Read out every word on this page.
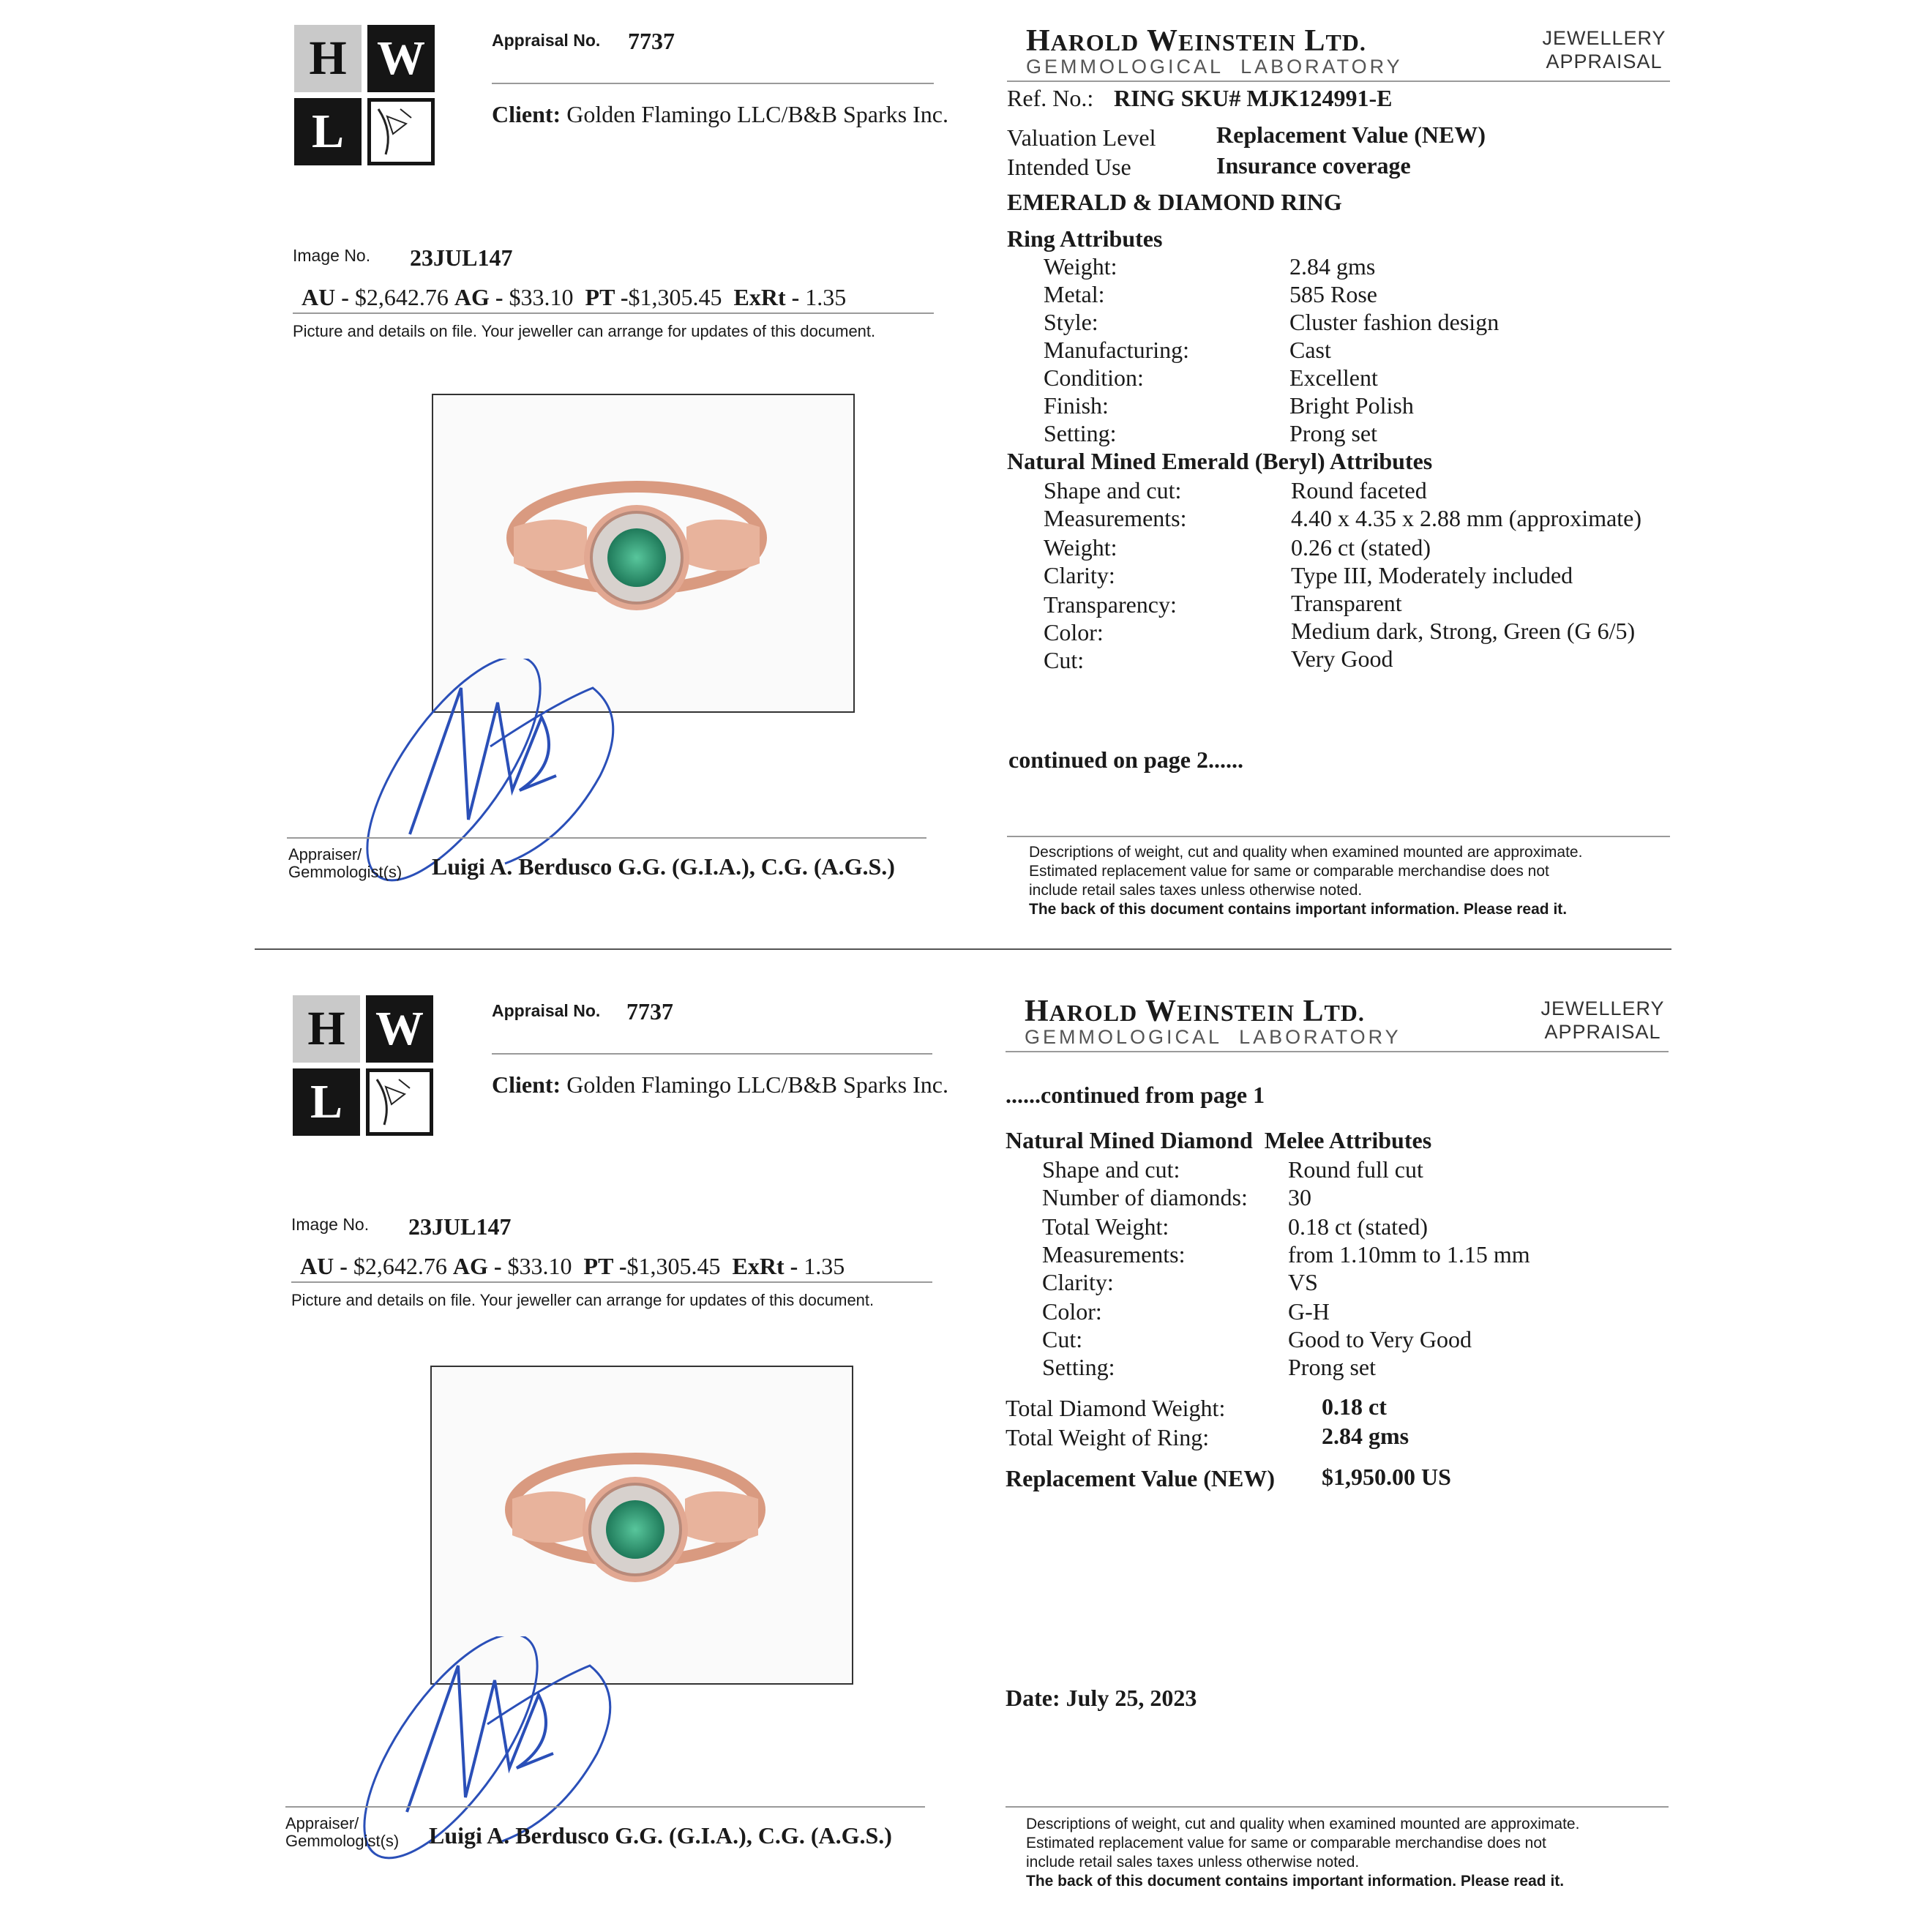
H W
L
Appraisal No. 7737
Client: Golden Flamingo LLC/B&B Sparks Inc.
Image No. 23JUL147
AU - $2,642.76 AG - $33.10 PT -$1,305.45 ExRt - 1.35
Picture and details on file. Your jeweller can arrange for updates of this document.
Appraiser/
Gemmologist(s) Luigi A. Berdusco G.G. (G.I.A.), C.G. (A.G.S.)
HAROLD WEINSTEIN LTD.
GEMMOLOGICAL LABORATORY
JEWELLERY
APPRAISAL
Ref. No.: RING SKU# MJK124991-E
Valuation Level	Replacement Value (NEW)
Intended Use	Insurance coverage
EMERALD & DIAMOND RING
Ring Attributes
Weight:	2.84 gms
Metal:	585 Rose
Style:	Cluster fashion design
Manufacturing:	Cast
Condition:	Excellent
Finish:	Bright Polish
Setting:	Prong set
Natural Mined Emerald (Beryl) Attributes
Shape and cut:	Round faceted
Measurements:	4.40 x 4.35 x 2.88 mm (approximate)
Weight:	0.26 ct (stated)
Clarity:	Type III, Moderately included
Transparency:	Transparent
Color:	Medium dark, Strong, Green (G 6/5)
Cut:	Very Good
continued on page 2......
Descriptions of weight, cut and quality when examined mounted are approximate.
Estimated replacement value for same or comparable merchandise does not
include retail sales taxes unless otherwise noted.
The back of this document contains important information. Please read it.
H W
L
Appraisal No. 7737
Client: Golden Flamingo LLC/B&B Sparks Inc.
Image No. 23JUL147
AU - $2,642.76 AG - $33.10 PT -$1,305.45 ExRt - 1.35
Picture and details on file. Your jeweller can arrange for updates of this document.
Appraiser/
Gemmologist(s) Luigi A. Berdusco G.G. (G.I.A.), C.G. (A.G.S.)
HAROLD WEINSTEIN LTD.
GEMMOLOGICAL LABORATORY
JEWELLERY
APPRAISAL
......continued from page 1
Natural Mined Diamond Melee Attributes
Shape and cut:	Round full cut
Number of diamonds: 30
Total Weight:	0.18 ct (stated)
Measurements:	from 1.10mm to 1.15 mm
Clarity:	VS
Color:	G-H
Cut:	Good to Very Good
Setting:	Prong set
Total Diamond Weight:	0.18 ct
Total Weight of Ring:	2.84 gms
Replacement Value (NEW) $1,950.00 US
Date: July 25, 2023
Descriptions of weight, cut and quality when examined mounted are approximate.
Estimated replacement value for same or comparable merchandise does not
include retail sales taxes unless otherwise noted.
The back of this document contains important information. Please read it.
